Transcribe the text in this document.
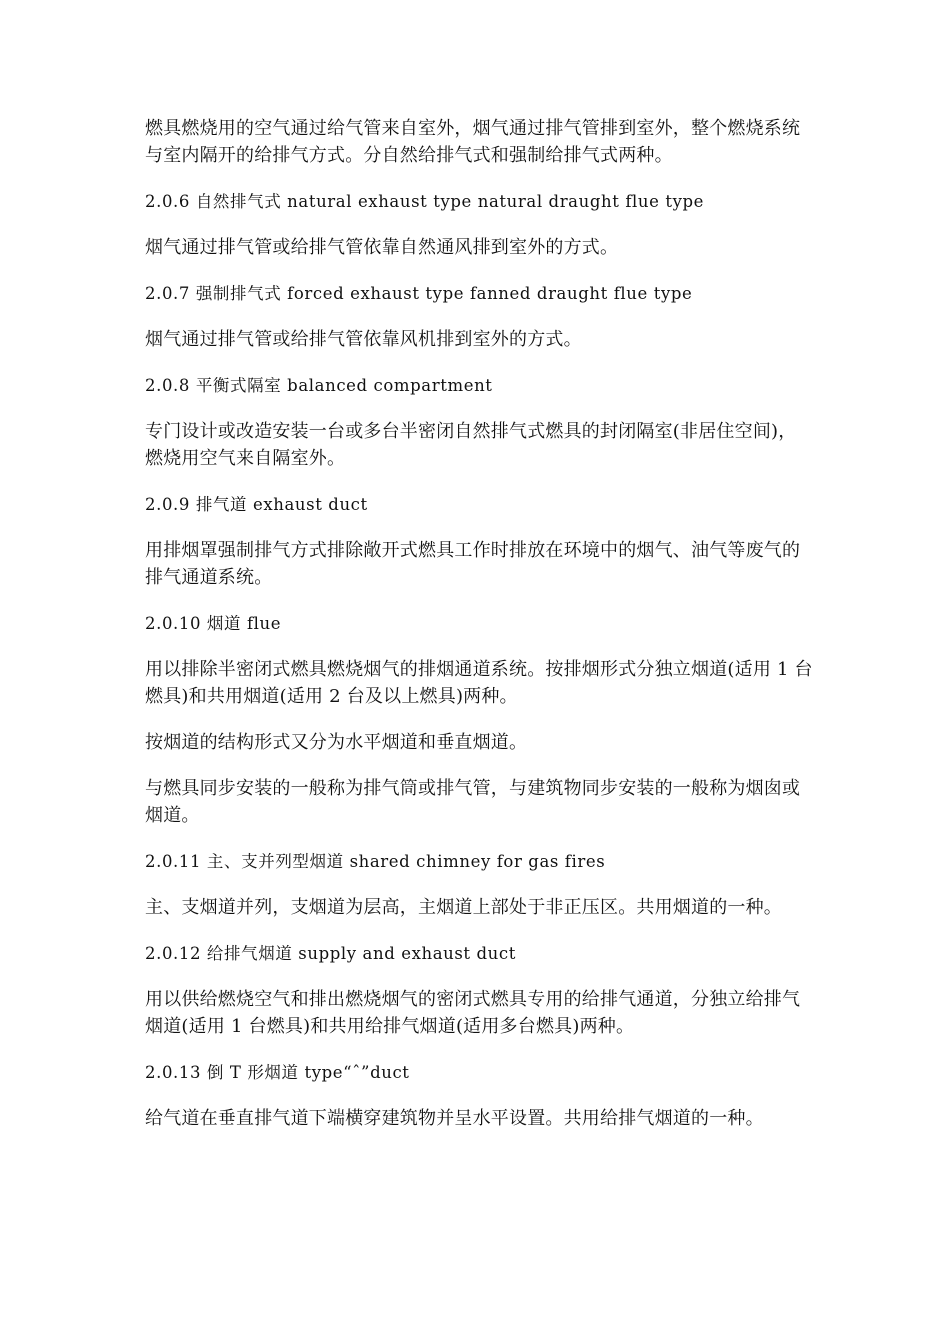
燃具燃烧用的空气通过给气管来自室外，烟气通过排气管排到室外，整个燃烧系统与室内隔开的给排气方式。分自然给排气式和强制给排气式两种。

2.0.6 自然排气式 natural exhaust type natural draught flue type

烟气通过排气管或给排气管依靠自然通风排到室外的方式。

2.0.7 强制排气式 forced exhaust type fanned draught flue type

烟气通过排气管或给排气管依靠风机排到室外的方式。

2.0.8 平衡式隔室 balanced compartment

专门设计或改造安装一台或多台半密闭自然排气式燃具的封闭隔室(非居住空间)，燃烧用空气来自隔室外。

2.0.9 排气道 exhaust duct

用排烟罩强制排气方式排除敞开式燃具工作时排放在环境中的烟气、油气等废气的排气通道系统。

2.0.10 烟道 flue

用以排除半密闭式燃具燃烧烟气的排烟通道系统。按排烟形式分独立烟道(适用 1 台燃具)和共用烟道(适用 2 台及以上燃具)两种。

按烟道的结构形式又分为水平烟道和垂直烟道。

与燃具同步安装的一般称为排气筒或排气管，与建筑物同步安装的一般称为烟囱或烟道。

2.0.11 主、支并列型烟道 shared chimney for gas fires

主、支烟道并列，支烟道为层高，主烟道上部处于非正压区。共用烟道的一种。

2.0.12 给排气烟道 supply and exhaust duct

用以供给燃烧空气和排出燃烧烟气的密闭式燃具专用的给排气通道，分独立给排气烟道(适用 1 台燃具)和共用给排气烟道(适用多台燃具)两种。

2.0.13 倒 T 形烟道 type“ˆ”duct

给气道在垂直排气道下端横穿建筑物并呈水平设置。共用给排气烟道的一种。
